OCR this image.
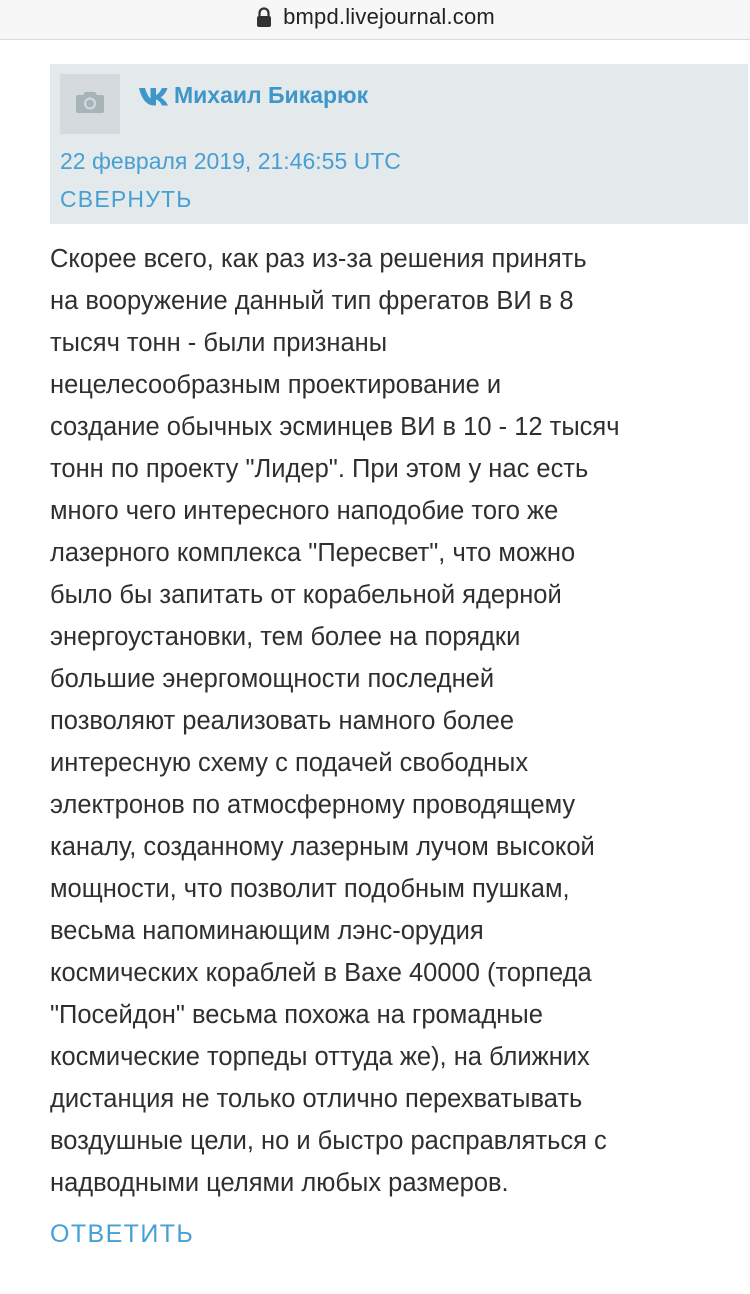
bmpd.livejournal.com
Михаил Бикарюк
22 февраля 2019, 21:46:55 UTC
СВЕРНУТЬ

Скорее всего, как раз из-за решения принять
на вооружение данный тип фрегатов ВИ в 8
тысяч тонн - были признаны
нецелесообразным проектирование и
создание обычных эсминцев ВИ в 10 - 12 тысяч
тонн по проекту "Лидер". При этом у нас есть
много чего интересного наподобие того же
лазерного комплекса "Пересвет", что можно
было бы запитать от корабельной ядерной
энергоустановки, тем более на порядки
большие энергомощности последней
позволяют реализовать намного более
интересную схему с подачей свободных
электронов по атмосферному проводящему
каналу, созданному лазерным лучом высокой
мощности, что позволит подобным пушкам,
весьма напоминающим лэнс-орудия
космических кораблей в Вахе 40000 (торпеда
"Посейдон" весьма похожа на громадные
космические торпеды оттуда же), на ближних
дистанция не только отлично перехватывать
воздушные цели, но и быстро расправляться с
надводными целями любых размеров.

ОТВЕТИТЬ
